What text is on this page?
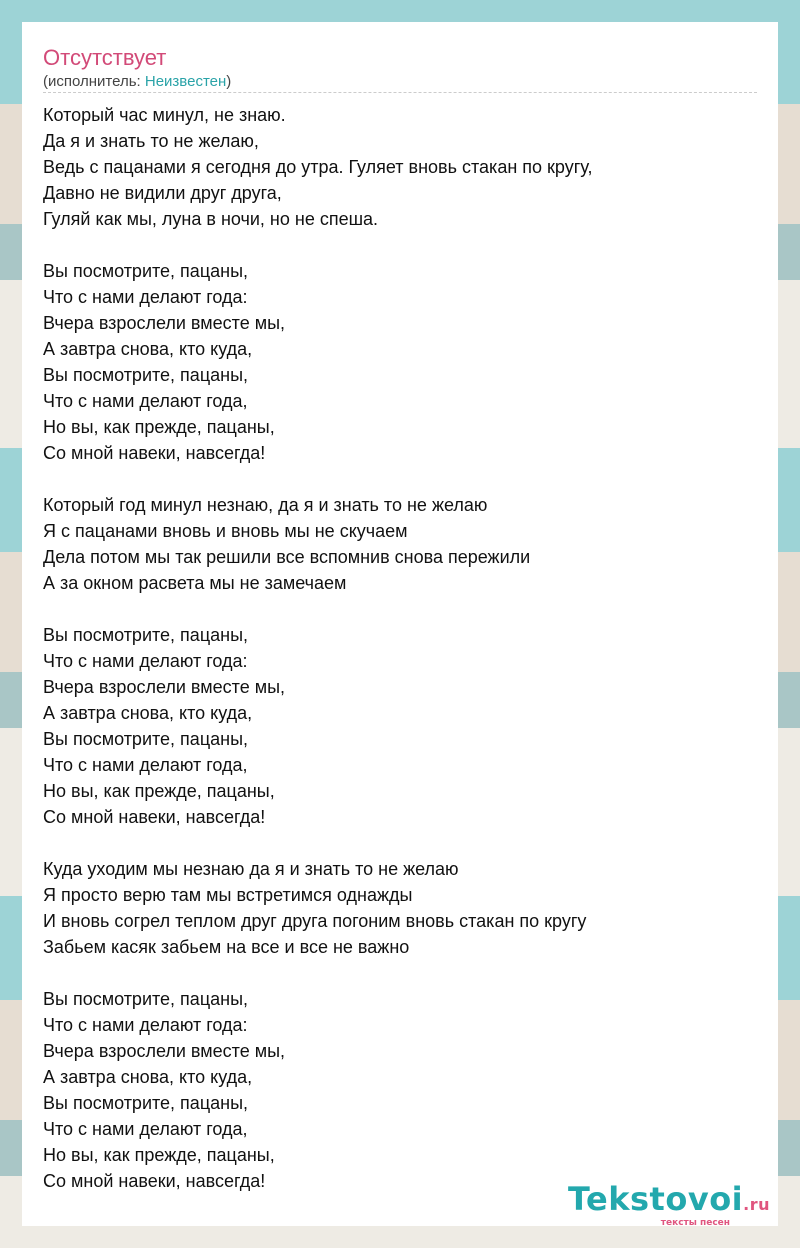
Отсутствует
(исполнитель: Неизвестен)
Который час минул, не знаю.
Да я и знать то не желаю,
Ведь с пацанами я сегодня до утра. Гуляет вновь стакан по кругу,
Давно не видили друг друга,
Гуляй как мы, луна в ночи, но не спеша.
Вы посмотрите, пацаны,
Что с нами делают года:
Вчера взрослели вместе мы,
А завтра снова, кто куда,
Вы посмотрите, пацаны,
Что с нами делают года,
Но вы, как прежде, пацаны,
Со мной навеки, навсегда!
Который год минул незнаю, да я и знать то не желаю
Я с пацанами вновь и вновь мы не скучаем
Дела потом мы так решили все вспомнив снова пережили
А за окном расвета мы не замечаем
Вы посмотрите, пацаны,
Что с нами делают года:
Вчера взрослели вместе мы,
А завтра снова, кто куда,
Вы посмотрите, пацаны,
Что с нами делают года,
Но вы, как прежде, пацаны,
Со мной навеки, навсегда!
Куда уходим мы незнаю да я и знать то не желаю
Я просто верю там мы встретимся однажды
И вновь согрел теплом друг друга погоним вновь стакан по кругу
Забьем касяк забьем на все и все не важно
Вы посмотрите, пацаны,
Что с нами делают года:
Вчера взрослели вместе мы,
А завтра снова, кто куда,
Вы посмотрите, пацаны,
Что с нами делают года,
Но вы, как прежде, пацаны,
Со мной навеки, навсегда!	Tekstovoi.ru
тексты песен
